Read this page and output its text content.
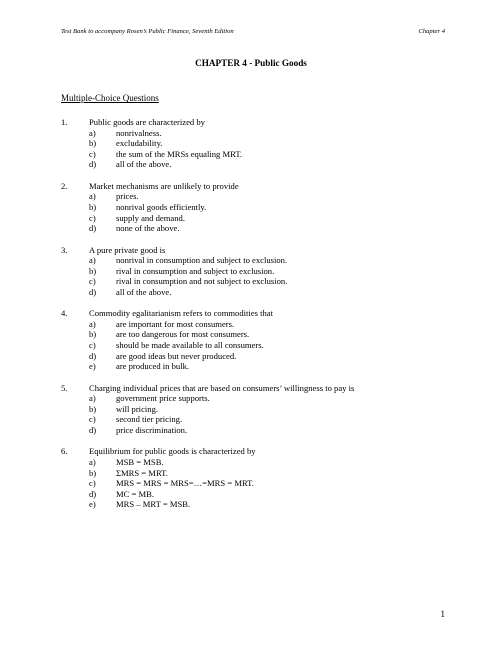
Test Bank to accompany Rosen’s Public Finance, Seventh Edition	Chapter 4
CHAPTER 4 - Public Goods
Multiple-Choice Questions
1.	Public goods are characterized by
a) nonrivalness.
b) excludability.
c) the sum of the MRSs equaling MRT.
d) all of the above.
2.	Market mechanisms are unlikely to provide
a) prices.
b) nonrival goods efficiently.
c) supply and demand.
d) none of the above.
3.	A pure private good is
a) nonrival in consumption and subject to exclusion.
b) rival in consumption and subject to exclusion.
c) rival in consumption and not subject to exclusion.
d) all of the above.
4.	Commodity egalitarianism refers to commodities that
a) are important for most consumers.
b) are too dangerous for most consumers.
c) should be made available to all consumers.
d) are good ideas but never produced.
e) are produced in bulk.
5.	Charging individual prices that are based on consumers’ willingness to pay is
a) government price supports.
b) will pricing.
c) second tier pricing.
d) price discrimination.
6.	Equilibrium for public goods is characterized by
a) MSB = MSB.
b) ΣMRS = MRT.
c) MRS = MRS = MRS=…=MRS = MRT.
d) MC = MB.
e) MRS – MRT = MSB.
1
